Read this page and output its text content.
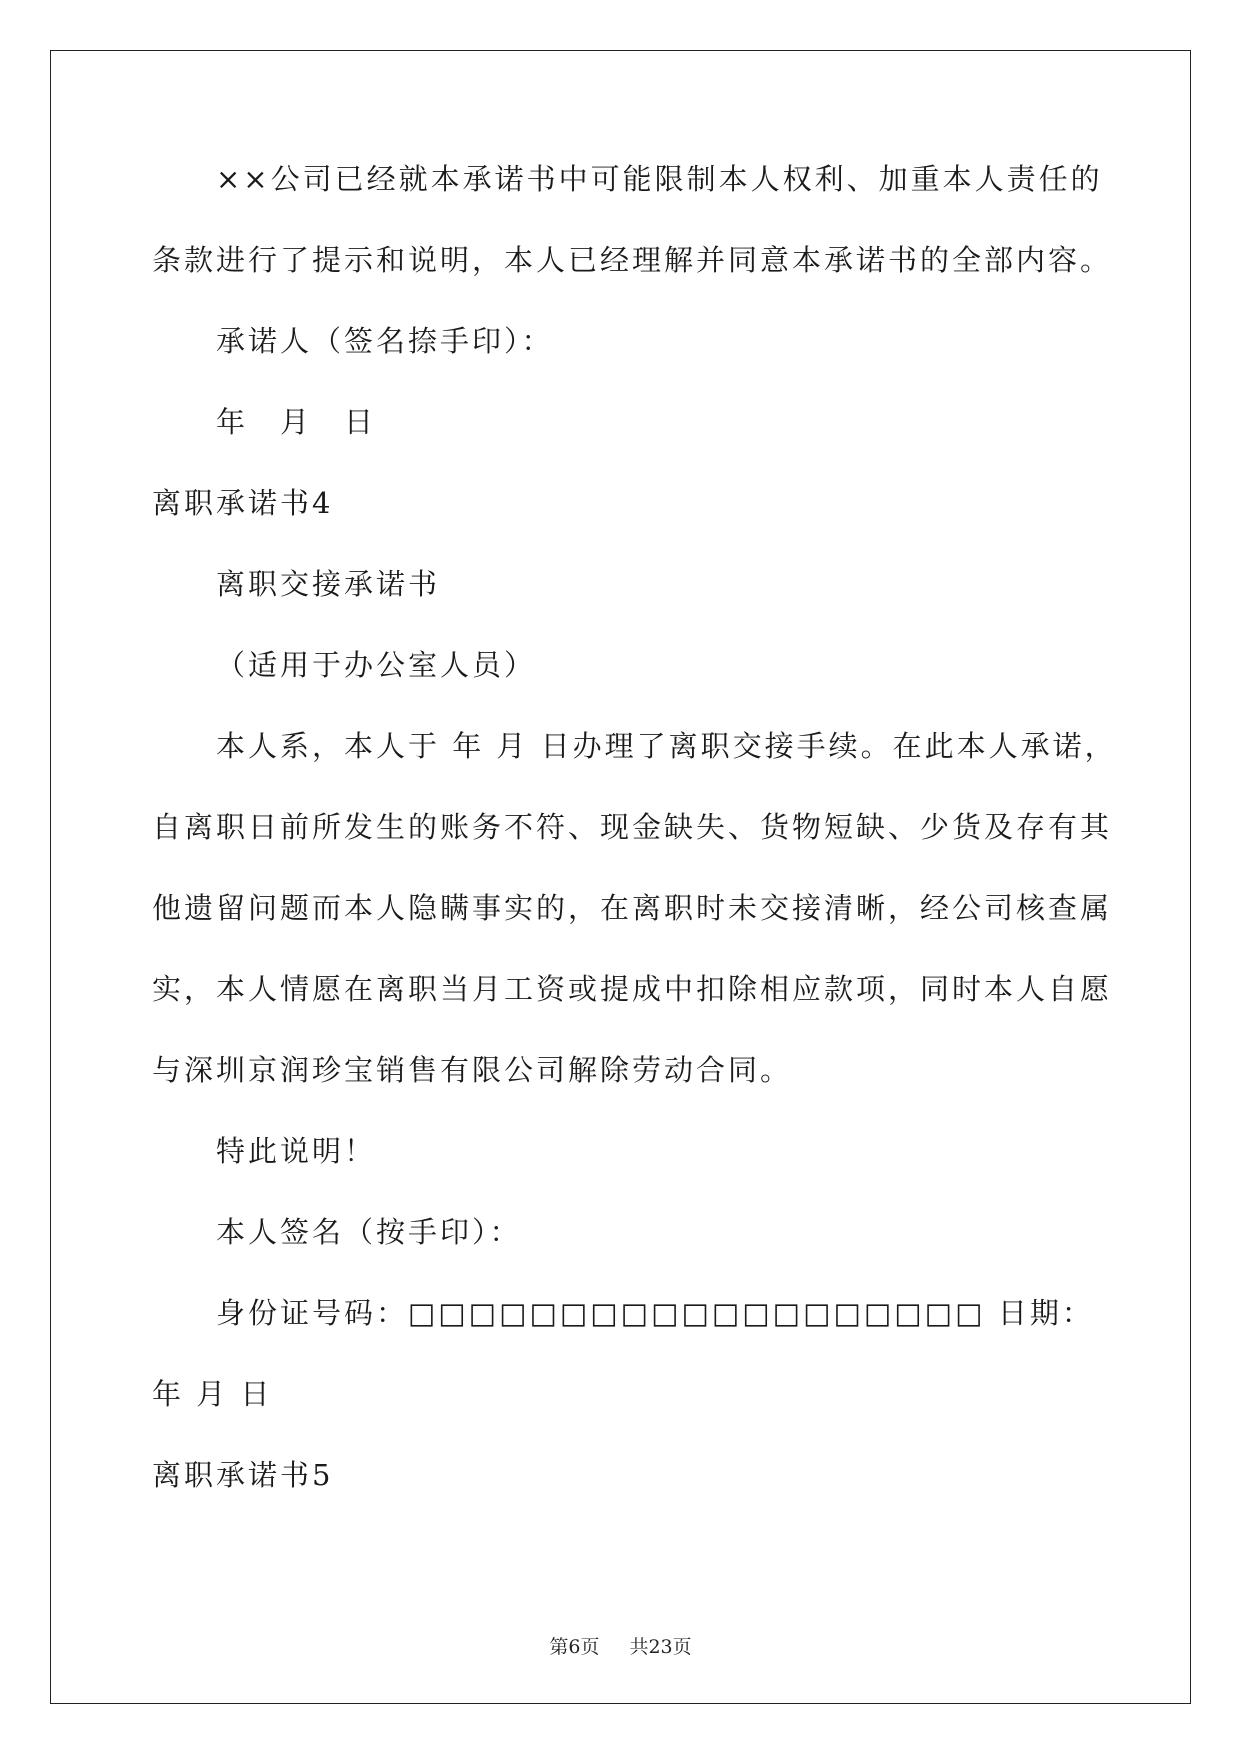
××公司已经就本承诺书中可能限制本人权利、加重本人责任的
条款进行了提示和说明，本人已经理解并同意本承诺书的全部内容。
承诺人（签名捺手印）：
年　月　日
离职承诺书4
离职交接承诺书
（适用于办公室人员）
本人系，本人于 年 月 日办理了离职交接手续。在此本人承诺，
自离职日前所发生的账务不符、现金缺失、货物短缺、少货及存有其
他遗留问题而本人隐瞒事实的，在离职时未交接清晰，经公司核查属
实，本人情愿在离职当月工资或提成中扣除相应款项，同时本人自愿
与深圳京润珍宝销售有限公司解除劳动合同。
特此说明！
本人签名（按手印）：
身份证号码：□□□□□□□□□□□□□□□□□□□ 日期：
年 月 日
离职承诺书5
第6页 共23页
